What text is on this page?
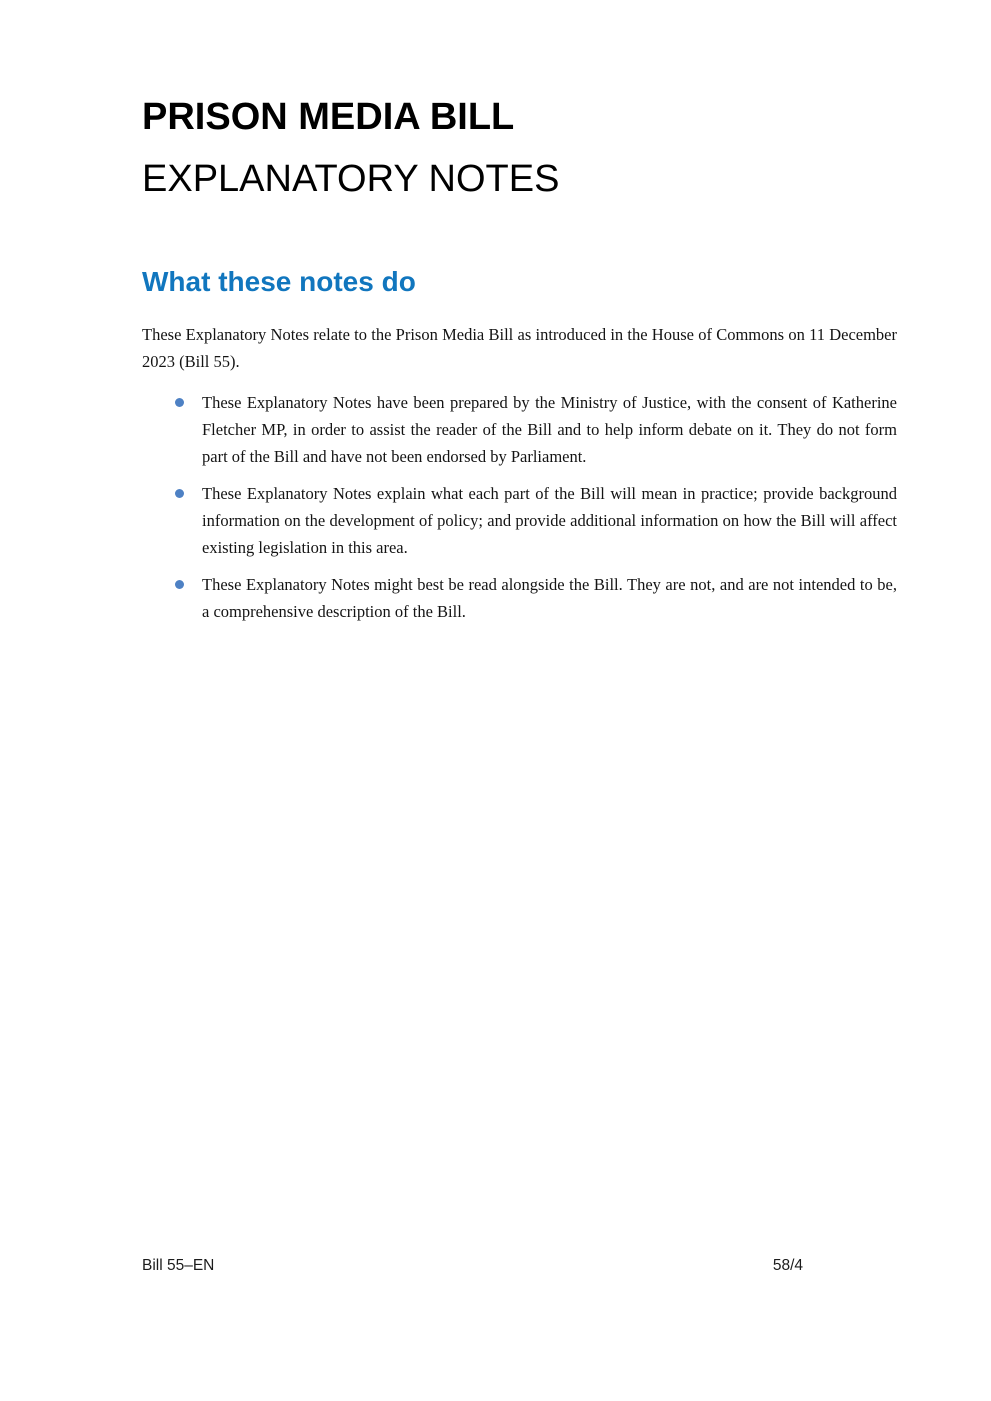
PRISON MEDIA BILL
EXPLANATORY NOTES
What these notes do

These Explanatory Notes relate to the Prison Media Bill as introduced in the House of Commons on 11 December 2023 (Bill 55).

These Explanatory Notes have been prepared by the Ministry of Justice, with the consent of Katherine Fletcher MP, in order to assist the reader of the Bill and to help inform debate on it. They do not form part of the Bill and have not been endorsed by Parliament.
These Explanatory Notes explain what each part of the Bill will mean in practice; provide background information on the development of policy; and provide additional information on how the Bill will affect existing legislation in this area.
These Explanatory Notes might best be read alongside the Bill. They are not, and are not intended to be, a comprehensive description of the Bill.
Bill 55–EN	58/4
